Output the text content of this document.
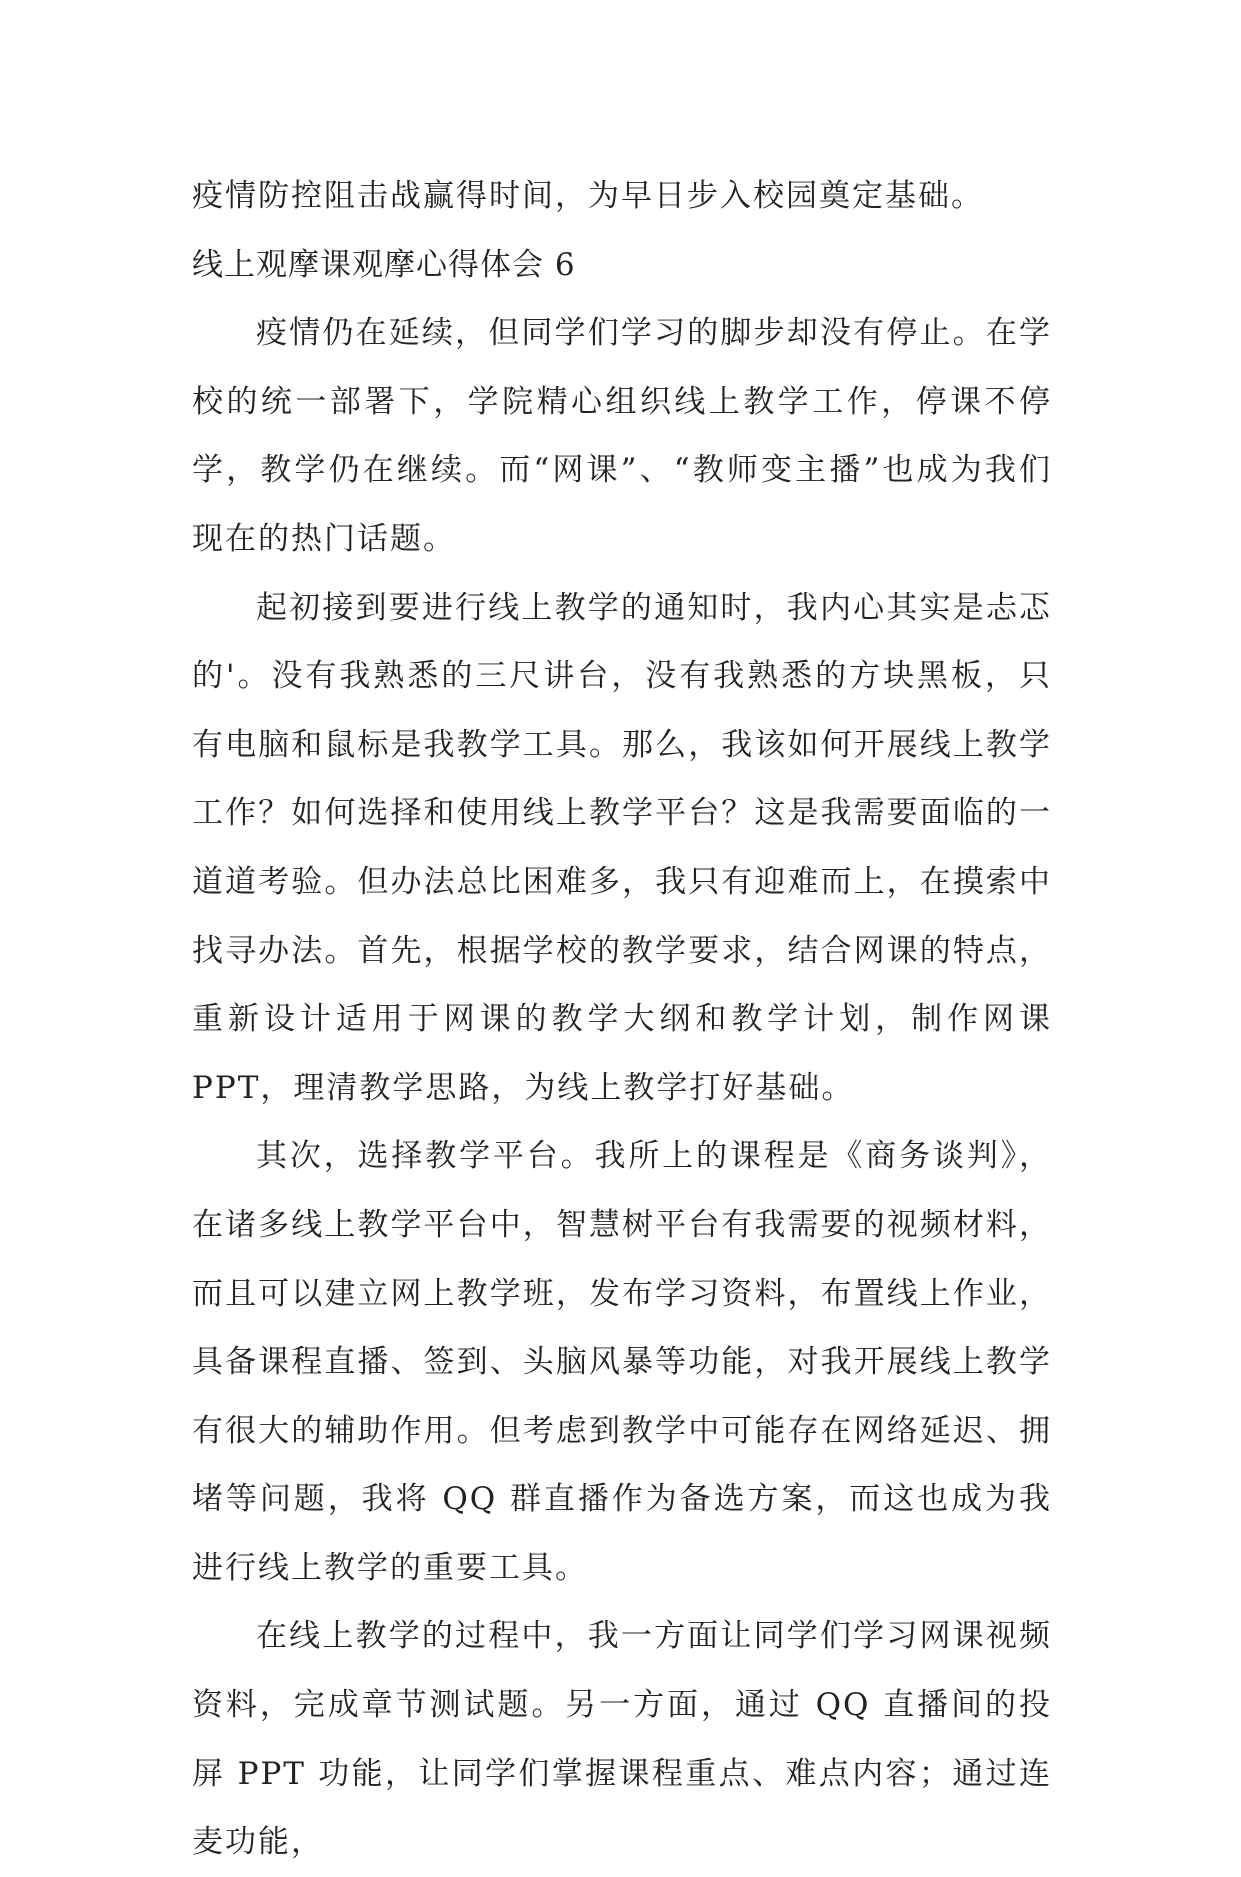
疫情防控阻击战赢得时间，为早日步入校园奠定基础。

线上观摩课观摩心得体会 6

疫情仍在延续，但同学们学习的脚步却没有停止。在学校的统一部署下，学院精心组织线上教学工作，停课不停学，教学仍在继续。而“网课”、“教师变主播”也成为我们现在的热门话题。

起初接到要进行线上教学的通知时，我内心其实是忐忑的'。没有我熟悉的三尺讲台，没有我熟悉的方块黑板，只有电脑和鼠标是我教学工具。那么，我该如何开展线上教学工作？如何选择和使用线上教学平台？这是我需要面临的一道道考验。但办法总比困难多，我只有迎难而上，在摸索中找寻办法。首先，根据学校的教学要求，结合网课的特点，重新设计适用于网课的教学大纲和教学计划，制作网课 PPT，理清教学思路，为线上教学打好基础。

其次，选择教学平台。我所上的课程是《商务谈判》，在诸多线上教学平台中，智慧树平台有我需要的视频材料，而且可以建立网上教学班，发布学习资料，布置线上作业，具备课程直播、签到、头脑风暴等功能，对我开展线上教学有很大的辅助作用。但考虑到教学中可能存在网络延迟、拥堵等问题，我将 QQ 群直播作为备选方案，而这也成为我进行线上教学的重要工具。

在线上教学的过程中，我一方面让同学们学习网课视频资料，完成章节测试题。另一方面，通过 QQ 直播间的投屏 PPT 功能，让同学们掌握课程重点、难点内容；通过连麦功能，
